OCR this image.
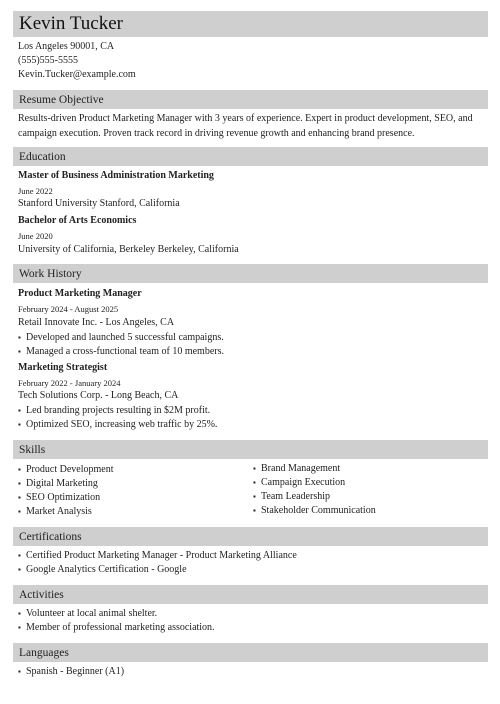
Kevin Tucker
Los Angeles 90001, CA
(555)555-5555
Kevin.Tucker@example.com
Resume Objective
Results-driven Product Marketing Manager with 3 years of experience. Expert in product development, SEO, and
campaign execution. Proven track record in driving revenue growth and enhancing brand presence.
Education
Master of Business Administration Marketing
June 2022
Stanford University Stanford, California
Bachelor of Arts Economics
June 2020
University of California, Berkeley Berkeley, California
Work History
Product Marketing Manager
February 2024 - August 2025
Retail Innovate Inc. - Los Angeles, CA
▪ Developed and launched 5 successful campaigns.
▪ Managed a cross-functional team of 10 members.
Marketing Strategist
February 2022 - January 2024
Tech Solutions Corp. - Long Beach, CA
▪ Led branding projects resulting in $2M profit.
▪ Optimized SEO, increasing web traffic by 25%.
Skills
▪ Product Development
▪ Digital Marketing
▪ SEO Optimization
▪ Market Analysis
▪ Brand Management
▪ Campaign Execution
▪ Team Leadership
▪ Stakeholder Communication
Certifications
▪ Certified Product Marketing Manager - Product Marketing Alliance
▪ Google Analytics Certification - Google
Activities
▪ Volunteer at local animal shelter.
▪ Member of professional marketing association.
Languages
▪ Spanish - Beginner (A1)
